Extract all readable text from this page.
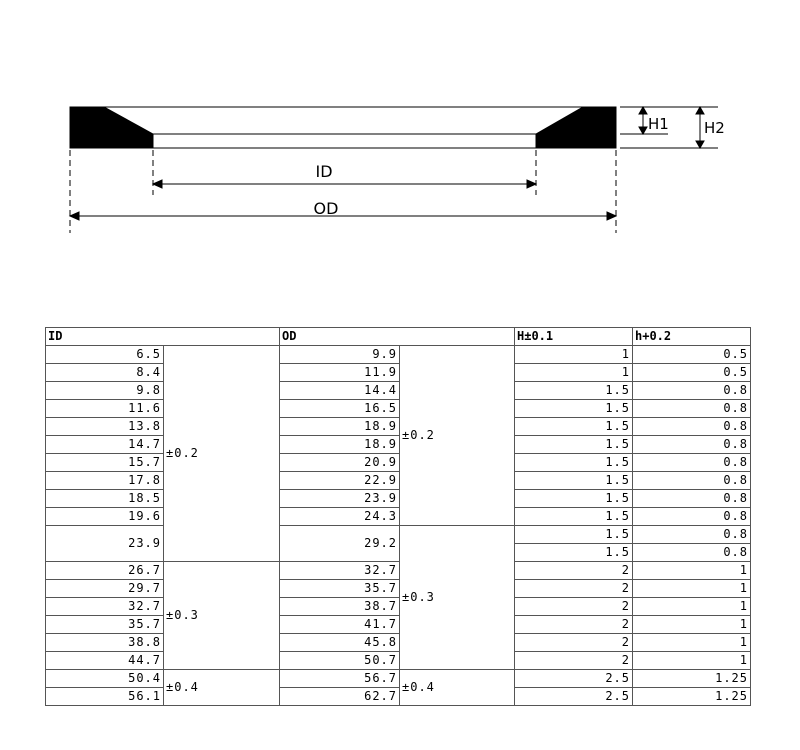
ID
OD
H1 H2
ID		OD		H±0.1	h+0.2
6.5	±0.2	9.9	±0.2	1	0.5
8.4		11.9		1	0.5
9.8		14.4		1.5	0.8
11.6		16.5		1.5	0.8
13.8		18.9		1.5	0.8
14.7		18.9		1.5	0.8
15.7		20.9		1.5	0.8
17.8		22.9		1.5	0.8
18.5		23.9		1.5	0.8
19.6		24.3		1.5	0.8
23.9		29.2	±0.3	1.5	0.8
				1.5	0.8
26.7	±0.3	32.7		2	1
29.7		35.7		2	1
32.7		38.7		2	1
35.7		41.7		2	1
38.8		45.8		2	1
44.7		50.7		2	1
50.4	±0.4	56.7	±0.4	2.5	1.25
56.1		62.7		2.5	1.25
